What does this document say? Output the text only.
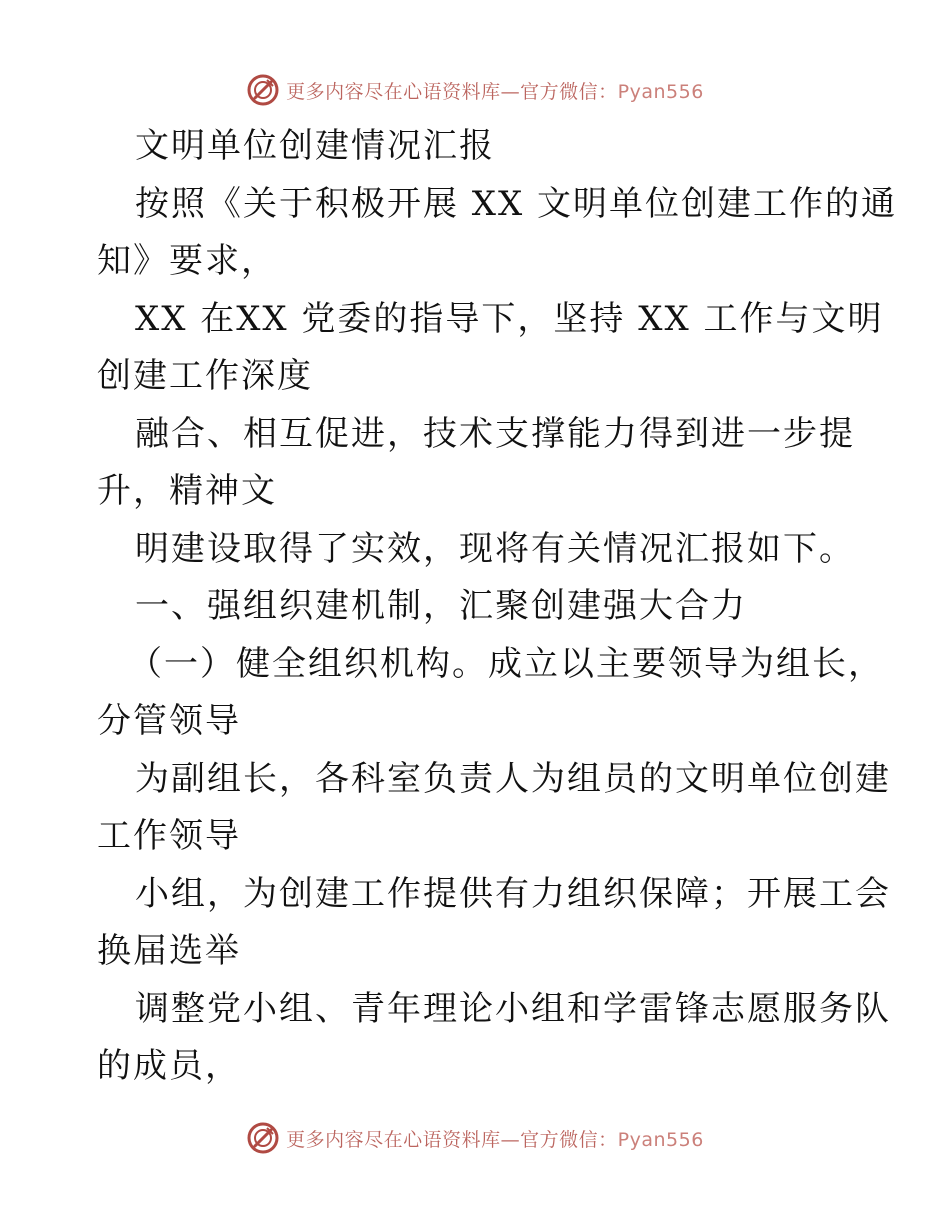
更多内容尽在心语资料库—官方微信：Pyan556
文明单位创建情况汇报
按照《关于积极开展 XX 文明单位创建工作的通
知》要求，
XX 在XX 党委的指导下，坚持 XX 工作与文明
创建工作深度
融合、相互促进，技术支撑能力得到进一步提
升，精神文
明建设取得了实效，现将有关情况汇报如下。
一、强组织建机制，汇聚创建强大合力
（一）健全组织机构。成立以主要领导为组长，
分管领导
为副组长，各科室负责人为组员的文明单位创建
工作领导
小组，为创建工作提供有力组织保障；开展工会
换届选举
调整党小组、青年理论小组和学雷锋志愿服务队
的成员，
更多内容尽在心语资料库—官方微信：Pyan556
